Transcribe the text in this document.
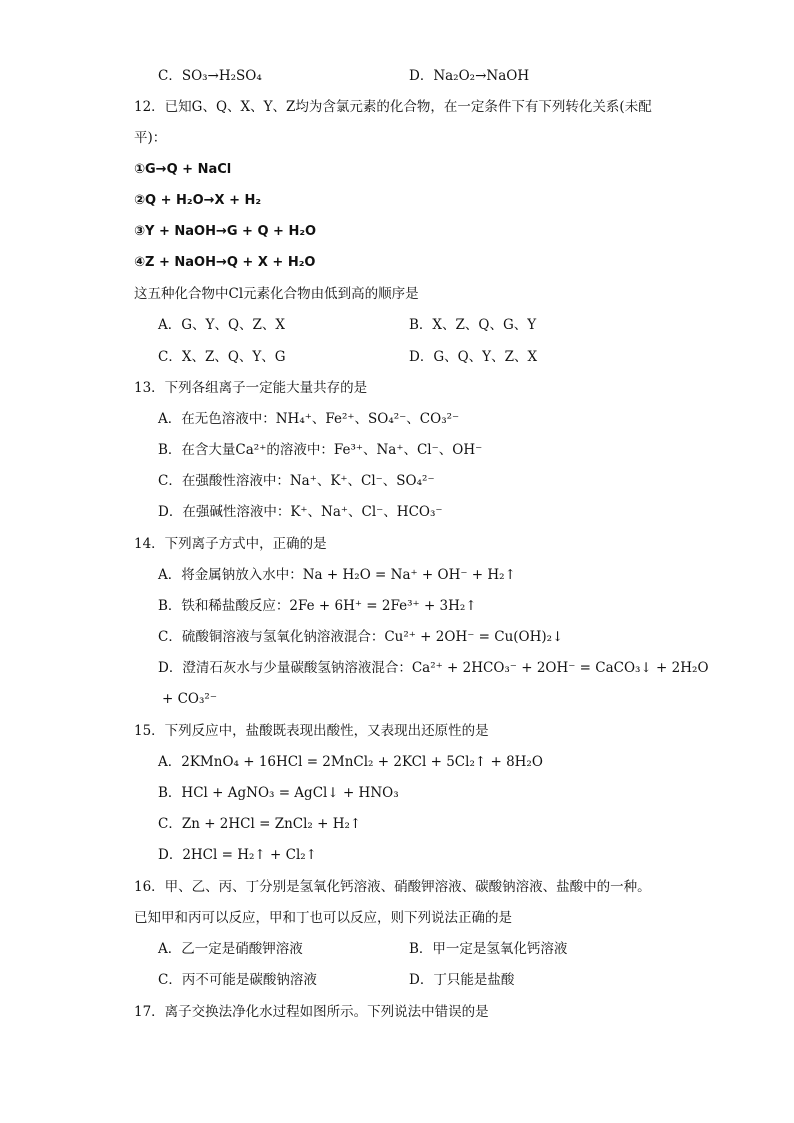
C．SO₃→H₂SO₄	D．Na₂O₂→NaOH
12．已知G、Q、X、Y、Z均为含氯元素的化合物，在一定条件下有下列转化关系(未配
平)：
①G→Q + NaCl
②Q + H₂O→X + H₂
③Y + NaOH→G + Q + H₂O
④Z + NaOH→Q + X + H₂O
这五种化合物中Cl元素化合物由低到高的顺序是
A．G、Y、Q、Z、X	B．X、Z、Q、G、Y
C．X、Z、Q、Y、G	D．G、Q、Y、Z、X
13．下列各组离子一定能大量共存的是
A．在无色溶液中：NH₄⁺、Fe²⁺、SO₄²⁻、CO₃²⁻
B．在含大量Ca²⁺的溶液中：Fe³⁺、Na⁺、Cl⁻、OH⁻
C．在强酸性溶液中：Na⁺、K⁺、Cl⁻、SO₄²⁻
D．在强碱性溶液中：K⁺、Na⁺、Cl⁻、HCO₃⁻
14．下列离子方式中，正确的是
A．将金属钠放入水中：Na + H₂O = Na⁺ + OH⁻ + H₂↑
B．铁和稀盐酸反应：2Fe + 6H⁺ = 2Fe³⁺ + 3H₂↑
C．硫酸铜溶液与氢氧化钠溶液混合：Cu²⁺ + 2OH⁻ = Cu(OH)₂↓
D．澄清石灰水与少量碳酸氢钠溶液混合：Ca²⁺ + 2HCO₃⁻ + 2OH⁻ = CaCO₃↓ + 2H₂O
+ CO₃²⁻
15．下列反应中，盐酸既表现出酸性，又表现出还原性的是
A．2KMnO₄ + 16HCl = 2MnCl₂ + 2KCl + 5Cl₂↑ + 8H₂O
B．HCl + AgNO₃ = AgCl↓ + HNO₃
C．Zn + 2HCl = ZnCl₂ + H₂↑
D．2HCl = H₂↑ + Cl₂↑
16．甲、乙、丙、丁分别是氢氧化钙溶液、硝酸钾溶液、碳酸钠溶液、盐酸中的一种。
已知甲和丙可以反应，甲和丁也可以反应，则下列说法正确的是
A．乙一定是硝酸钾溶液	B．甲一定是氢氧化钙溶液
C．丙不可能是碳酸钠溶液	D．丁只能是盐酸
17．离子交换法净化水过程如图所示。下列说法中错误的是
